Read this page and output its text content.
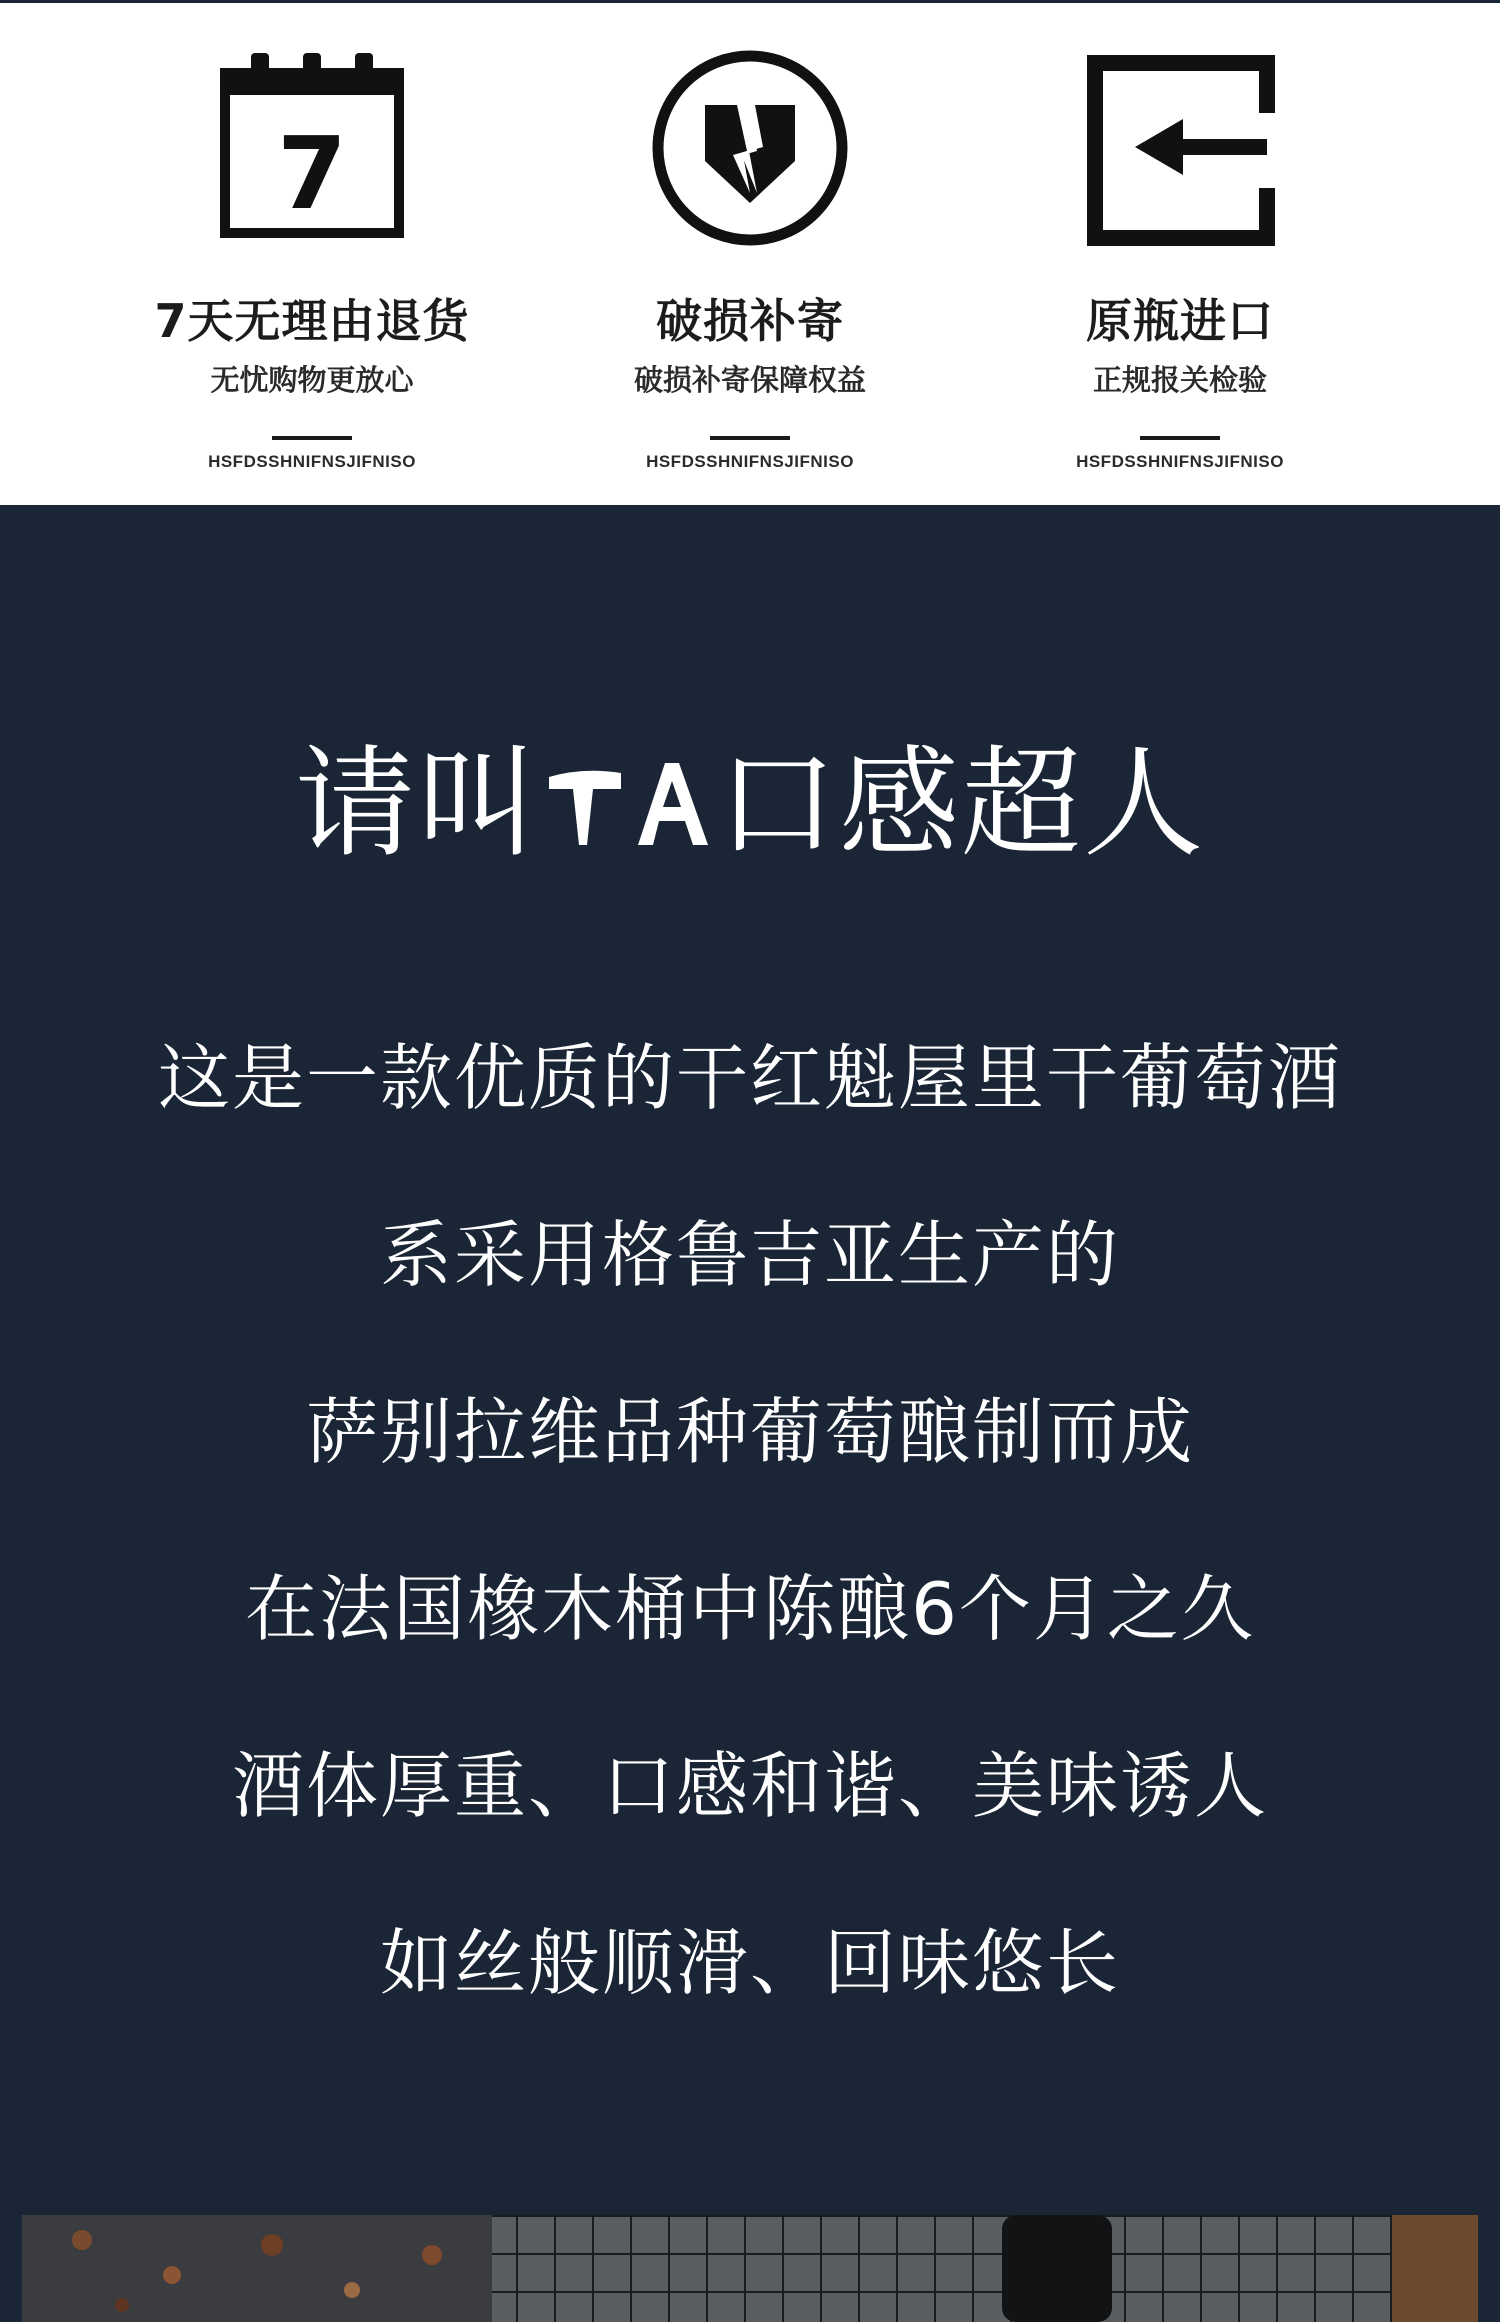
7
7天无理由退货
无忧购物更放心
HSFDSSHNIFNSJIFNISO
破损补寄
破损补寄保障权益
HSFDSSHNIFNSJIFNISO
原瓶进口
正规报关检验
HSFDSSHNIFNSJIFNISO
请叫 口感超人
这是一款优质的干红魁屋里干葡萄酒
系采用格鲁吉亚生产的
萨别拉维品种葡萄酿制而成
在法国橡木桶中陈酿6个月之久
酒体厚重、口感和谐、美味诱人
如丝般顺滑、回味悠长
